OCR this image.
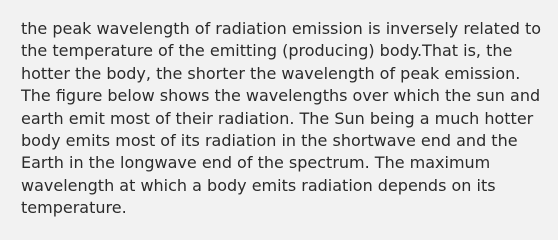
the peak wavelength of radiation emission is inversely related to
the temperature of the emitting (producing) body.That is, the
hotter the body, the shorter the wavelength of peak emission.
The figure below shows the wavelengths over which the sun and
earth emit most of their radiation. The Sun being a much hotter
body emits most of its radiation in the shortwave end and the
Earth in the longwave end of the spectrum. The maximum
wavelength at which a body emits radiation depends on its
temperature.
